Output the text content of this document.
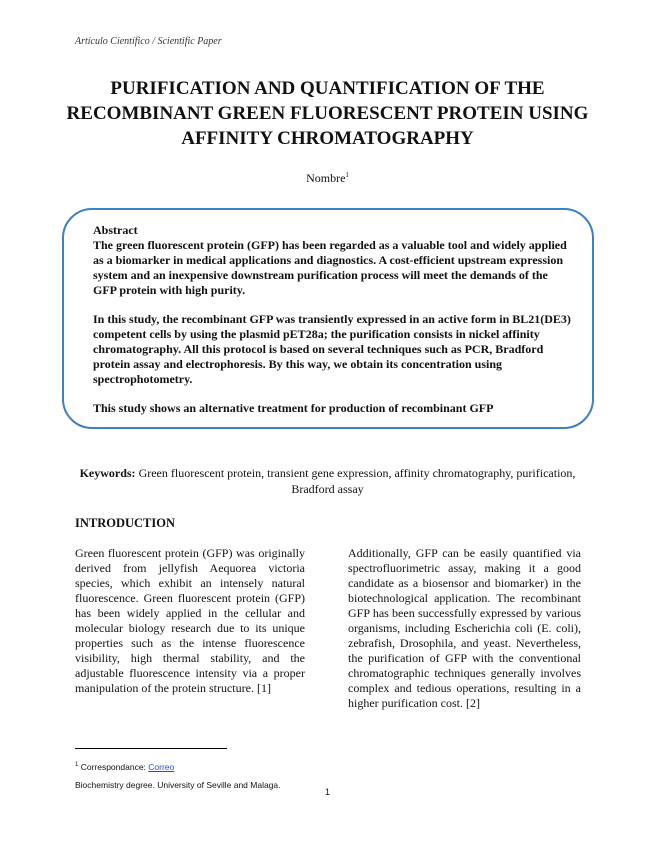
Artículo Científico / Scientific Paper
PURIFICATION AND QUANTIFICATION OF THE RECOMBINANT GREEN FLUORESCENT PROTEIN USING AFFINITY CHROMATOGRAPHY
Nombre$^1$

Abstract

The green fluorescent protein (GFP) has been regarded as a valuable tool and widely applied as a biomarker in medical applications and diagnostics. A cost-efficient upstream expression system and an inexpensive downstream purification process will meet the demands of the GFP protein with high purity.

In this study, the recombinant GFP was transiently expressed in an active form in BL21(DE3) competent cells by using the plasmid pET28a; the purification consists in nickel affinity chromatography. All this protocol is based on several techniques such as PCR, Bradford protein assay and electrophoresis. By this way, we obtain its concentration using spectrophotometry.

This study shows an alternative treatment for production of recombinant GFP

Keywords: Green fluorescent protein, transient gene expression, affinity chromatography, purification, Bradford assay
INTRODUCTION

Green fluorescent protein (GFP) was originally derived from jellyfish Aequorea victoria species, which exhibit an intensely natural fluorescence. Green fluorescent protein (GFP) has been widely applied in the cellular and molecular biology research due to its unique properties such as the intense fluorescence visibility, high thermal stability, and the adjustable fluorescence intensity via a proper manipulation of the protein structure. [1]

Additionally, GFP can be easily quantified via spectrofluorimetric assay, making it a good candidate as a biosensor and biomarker) in the biotechnological application. The recombinant GFP has been successfully expressed by various organisms, including Escherichia coli (E. coli), zebrafish, Drosophila, and yeast. Nevertheless, the purification of GFP with the conventional chromatographic techniques generally involves complex and tedious operations, resulting in a higher purification cost. [2]

$^1$ Correspondance: Correo
Biochemistry degree. University of Seville and Malaga.
1
